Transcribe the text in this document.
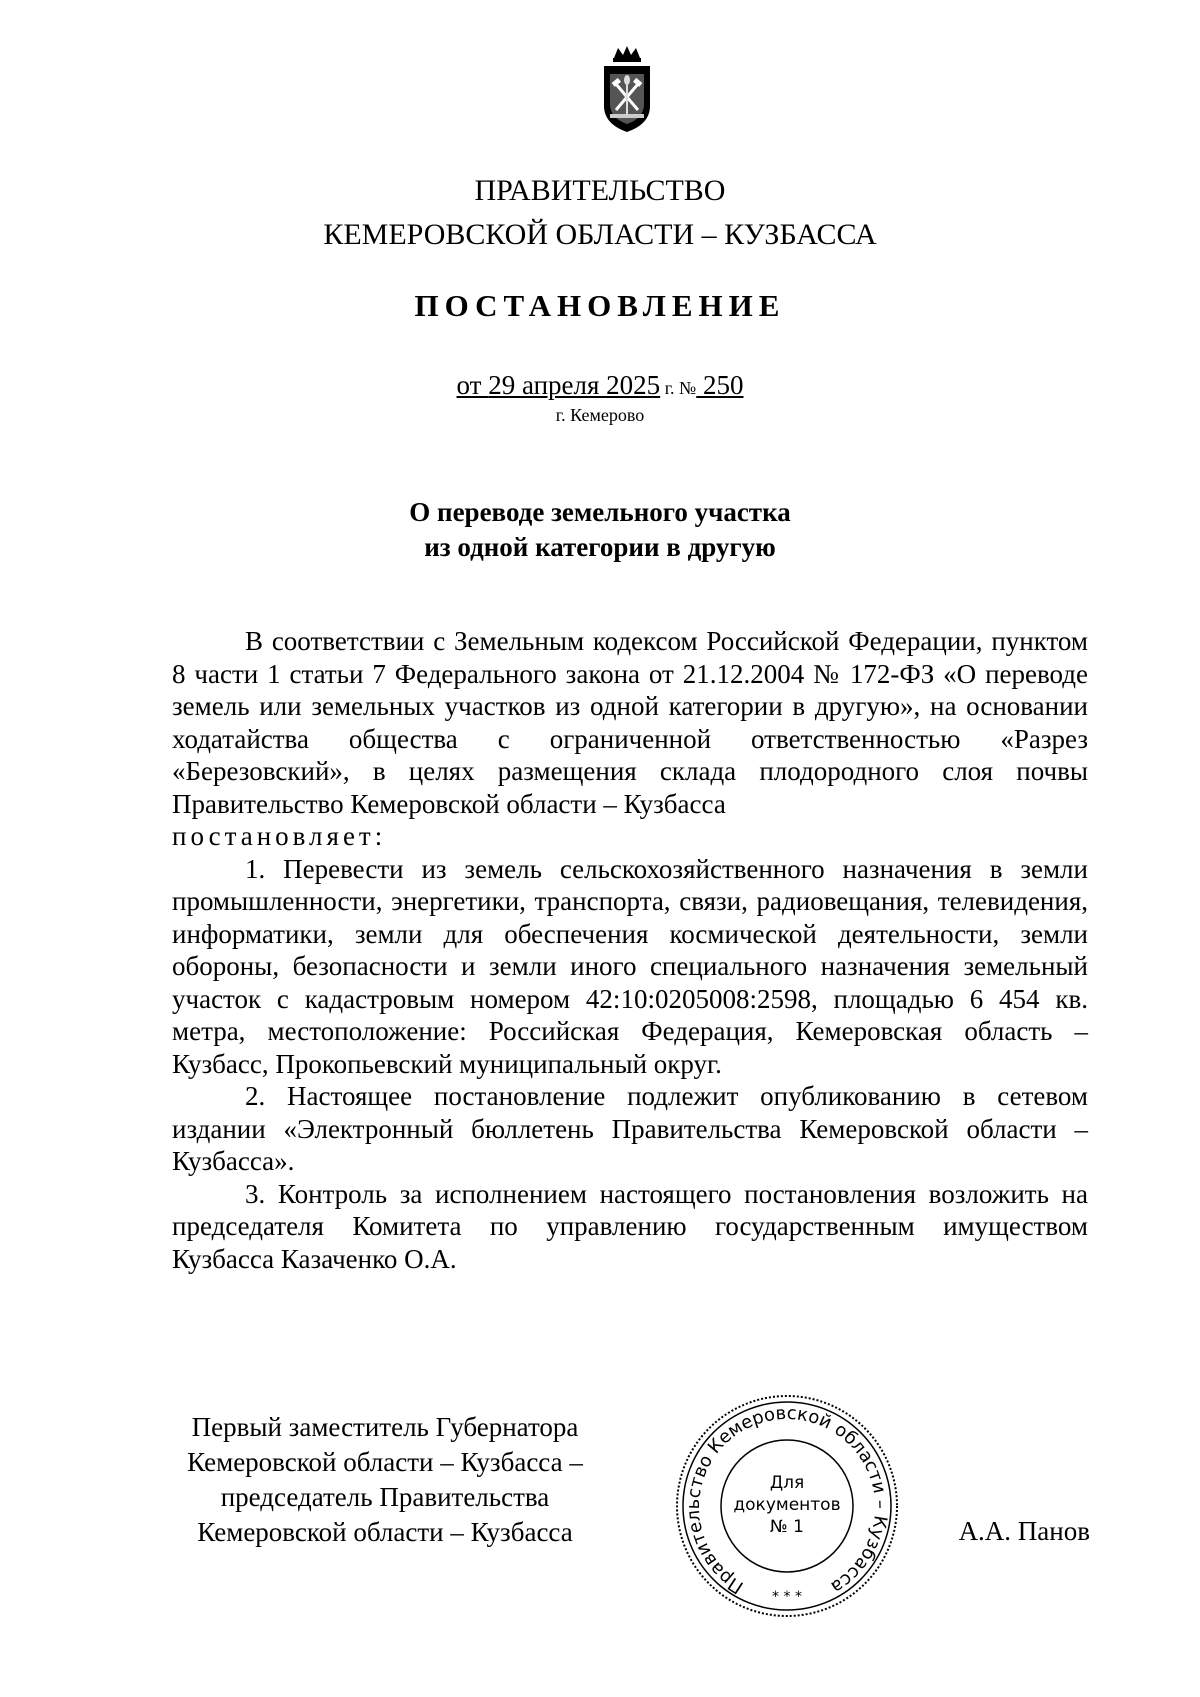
ПРАВИТЕЛЬСТВО
КЕМЕРОВСКОЙ ОБЛАСТИ – КУЗБАССА
ПОСТАНОВЛЕНИЕ
от 29 апреля 2025 г. № 250
г. Кемерово
О переводе земельного участка
из одной категории в другую

В соответствии с Земельным кодексом Российской Федерации, пунктом 8 части 1 статьи 7 Федерального закона от 21.12.2004 № 172-ФЗ «О переводе земель или земельных участков из одной категории в другую», на основании ходатайства общества с ограниченной ответственностью «Разрез «Березовский», в целях размещения склада плодородного слоя почвы Правительство Кемеровской области – Кузбасса
постановляет:

1. Перевести из земель сельскохозяйственного назначения в земли промышленности, энергетики, транспорта, связи, радиовещания, телевидения, информатики, земли для обеспечения космической деятельности, земли обороны, безопасности и земли иного специального назначения земельный участок с кадастровым номером 42:10:0205008:2598, площадью 6 454 кв. метра, местоположение: Российская Федерация, Кемеровская область – Кузбасс, Прокопьевский муниципальный округ.

2. Настоящее постановление подлежит опубликованию в сетевом издании «Электронный бюллетень Правительства Кемеровской области – Кузбасса».

3. Контроль за исполнением настоящего постановления возложить на председателя Комитета по управлению государственным имуществом Кузбасса Казаченко О.А.

Первый заместитель Губернатора
Кемеровской области – Кузбасса –
председатель Правительства
Кемеровской области – Кузбасса
Правительство Кемеровской области – Кузбасса
Для
документов
№ 1
* * *
А.А. Панов
